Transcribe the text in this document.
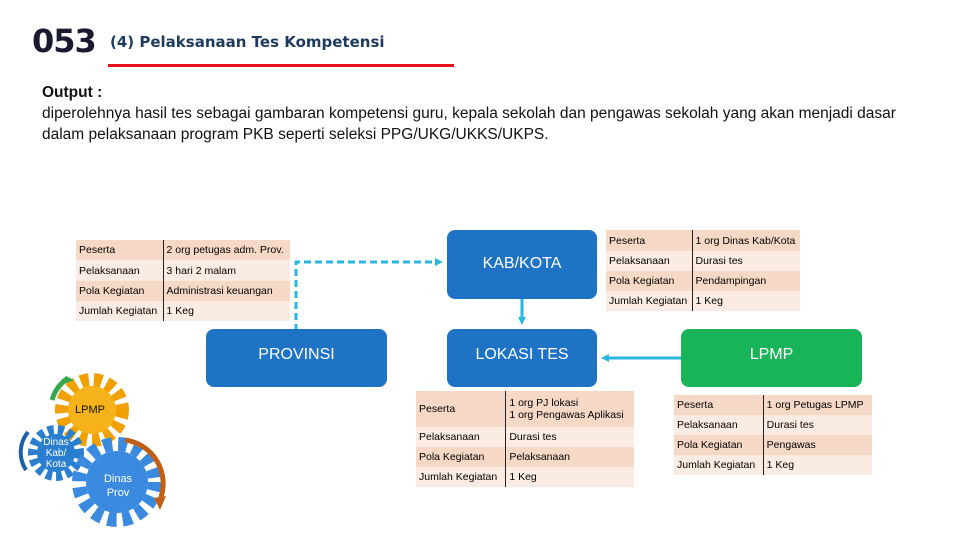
053 (4) Pelaksanaan Tes Kompetensi
Output :
diperolehnya hasil tes sebagai gambaran kompetensi guru, kepala sekolah dan pengawas sekolah yang akan menjadi dasar dalam pelaksanaan program PKB seperti seleksi PPG/UKG/UKKS/UKPS.
KAB/KOTA
PROVINSI	LOKASI TES	LPMP
Peserta	2 org petugas adm. Prov.
Pelaksanaan	3 hari 2 malam
Pola Kegiatan	Administrasi keuangan
Jumlah Kegiatan	1 Keg
Peserta	1 org Dinas Kab/Kota
Pelaksanaan	Durasi tes
Pola Kegiatan	Pendampingan
Jumlah Kegiatan	1 Keg
Peserta	1 org PJ lokasi
1 org Pengawas Aplikasi

Pelaksanaan	Durasi tes
Pola Kegiatan	Pelaksanaan
Jumlah Kegiatan	1 Keg
Peserta	1 org Petugas LPMP
Pelaksanaan	Durasi tes
Pola Kegiatan	Pengawas
Jumlah Kegiatan	1 Keg
LPMP
Dinas Kab/ Kota
Dinas Prov
